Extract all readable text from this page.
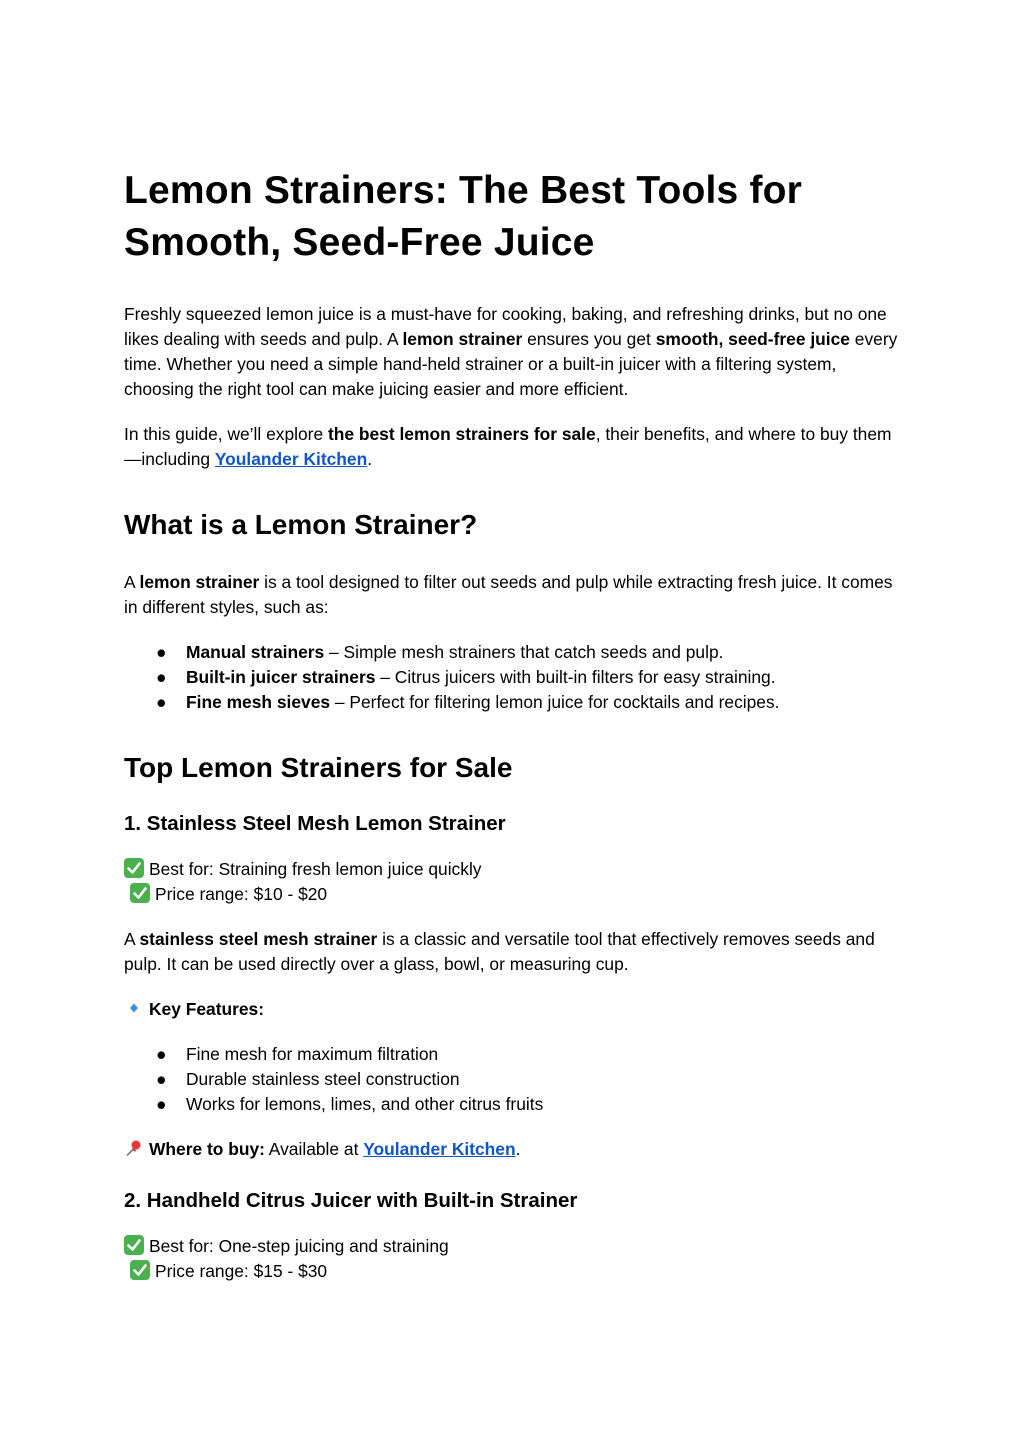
Lemon Strainers: The Best Tools for Smooth, Seed-Free Juice

Freshly squeezed lemon juice is a must-have for cooking, baking, and refreshing drinks, but no one likes dealing with seeds and pulp. A lemon strainer ensures you get smooth, seed-free juice every time. Whether you need a simple hand-held strainer or a built-in juicer with a filtering system, choosing the right tool can make juicing easier and more efficient.

In this guide, we’ll explore the best lemon strainers for sale, their benefits, and where to buy them—including Youlander Kitchen.

What is a Lemon Strainer?

A lemon strainer is a tool designed to filter out seeds and pulp while extracting fresh juice. It comes in different styles, such as:

● Manual strainers – Simple mesh strainers that catch seeds and pulp.
● Built-in juicer strainers – Citrus juicers with built-in filters for easy straining.
● Fine mesh sieves – Perfect for filtering lemon juice for cocktails and recipes.
Top Lemon Strainers for Sale
1. Stainless Steel Mesh Lemon Strainer

Best for: Straining fresh lemon juice quickly

Price range: $10 - $20

A stainless steel mesh strainer is a classic and versatile tool that effectively removes seeds and pulp. It can be used directly over a glass, bowl, or measuring cup.

Key Features:

● Fine mesh for maximum filtration
● Durable stainless steel construction
● Works for lemons, limes, and other citrus fruits

Where to buy: Available at Youlander Kitchen.

2. Handheld Citrus Juicer with Built-in Strainer

Best for: One-step juicing and straining

Price range: $15 - $30
